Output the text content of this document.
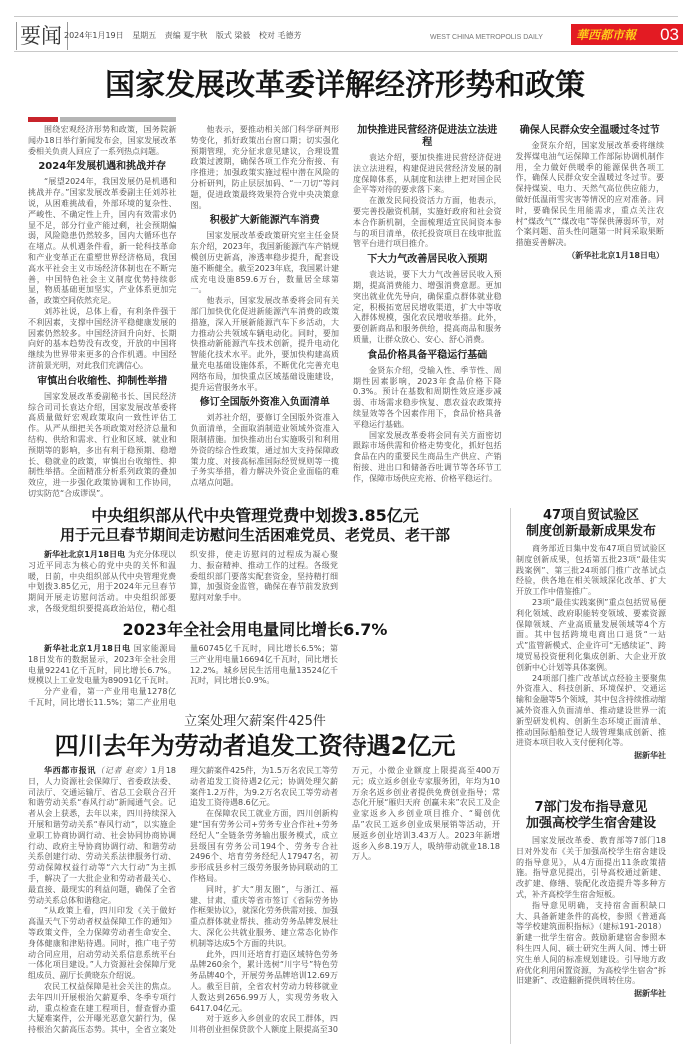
要闻 2024年1月19日 星期五 责编 夏宇秋 版式 梁毅 校对 毛德芳	WEST CHINA METROPOLIS DAILY	華西都市報	03
国家发展改革委详解经济形势和政策

围绕宏观经济形势和政策，国务院新闻办18日举行新闻发布会，国家发展改革委相关负责人回应了一系列热点问题。

2024年发展机遇和挑战并存

“展望2024年，我国发展仍是机遇和挑战并存。”国家发展改革委副主任刘苏社说，从困难挑战看，外部环境的复杂性、严峻性、不确定性上升，国内有效需求仍显不足，部分行业产能过剩，社会预期偏弱，风险隐患仍然较多，国内大循环也存在堵点。从机遇条件看，新一轮科技革命和产业变革正在重塑世界经济格局，我国高水平社会主义市场经济体制也在不断完善，中国特色社会主义制度优势持续彰显，物质基础更加坚实，产业体系更加完备，政策空间依然充足。

刘苏社说，总体上看，有利条件强于不利因素，支撑中国经济平稳健康发展的因素仍然较多。中国经济回升向好、长期向好的基本趋势没有改变，开放的中国将继续为世界带来更多的合作机遇。中国经济前景光明，对此我们充满信心。

审慎出台收缩性、抑制性举措

国家发展改革委副秘书长、国民经济综合司司长袁达介绍，国家发展改革委将高质量做好宏观政策取向一致性评估工作。从严从细把关各项政策对经济总量和结构、供给和需求、行业和区域、就业和预期等的影响，多出有利于稳预期、稳增长、稳就业的政策，审慎出台收缩性、抑制性举措。全面精准分析系列政策的叠加效应，进一步强化政策协调和工作协同，切实防范“合成谬误”。

他表示，要推动相关部门科学研判形势变化，抓好政策出台窗口期；切实强化预期管理，充分征求意见建议，合理设置政策过渡期，确保各项工作充分衔接、有序推进；加强政策实施过程中潜在风险的分析研判，防止层层加码、“一刀切”等问题，促进政策最终效果符合党中央决策意图。

积极扩大新能源汽车消费

国家发展改革委政策研究室主任金贤东介绍，2023年，我国新能源汽车产销规模创历史新高，渗透率稳步提升，配套设施不断健全。截至2023年底，我国累计建成充电设施859.6万台，数量居全球第一。

他表示，国家发展改革委将会同有关部门加快优化促进新能源汽车消费的政策措施，深入开展新能源汽车下乡活动，大力推动公共领域车辆电动化。同时，要加快推动新能源汽车技术创新，提升电动化智能化技术水平。此外，要加快构建高质量充电基础设施体系，不断优化完善充电网络布局，加快重点区域基础设施建设，提升运营服务水平。

修订全国版外资准入负面清单

刘苏社介绍，要修订全国版外资准入负面清单，全面取消制造业领域外资准入限制措施。加快推动出台实施吸引和利用外资的综合性政策，通过加大支持保障政策力度、对接高标准国际经贸规则等一揽子务实举措，着力解决外资企业面临的难点堵点问题。

加快推进民营经济促进法立法进程

袁达介绍，要加快推进民营经济促进法立法进程，构建促进民营经济发展的制度保障体系，从制度和法律上把对国企民企平等对待的要求落下来。

在激发民间投资活力方面，他表示，要完善投融资机制，实施好政府和社会资本合作新机制，全面梳理适宜民间资本参与的项目清单，依托投资项目在线审批监管平台进行项目推介。

下大力气改善居民收入预期

袁达说，要下大力气改善居民收入预期，提高消费能力、增强消费意愿。更加突出就业优先导向，确保重点群体就业稳定，积极拓宽居民增收渠道，扩大中等收入群体规模，强化农民增收举措。此外，要创新商品和服务供给，提高商品和服务质量，让群众放心、安心、舒心消费。

食品价格具备平稳运行基础

金贤东介绍，受输入性、季节性、周期性因素影响，2023年食品价格下降0.3%。预计在基数和周期性效应逐步减弱、市场需求稳步恢复、惠农益农政策持续显效等各个因素作用下，食品价格具备平稳运行基础。

国家发展改革委将会同有关方面密切跟踪市场供需和价格走势变化，抓好包括食品在内的重要民生商品生产供应、产销衔接、进出口和储备吞吐调节等各环节工作，保障市场供应充裕、价格平稳运行。

确保人民群众安全温暖过冬过节

金贤东介绍，国家发展改革委将继续发挥煤电油气运保障工作部际协调机制作用，全力做好供暖季的能源保供各项工作，确保人民群众安全温暖过冬过节。要保持煤炭、电力、天然气高位供应能力，做好低温雨雪灾害等情况的应对准备。同时，要确保民生用能需求，重点关注农村“煤改气”“煤改电”等保供薄弱环节，对个案问题、苗头性问题第一时间采取果断措施妥善解决。

（新华社北京1月18日电）
中央组织部从代中央管理党费中划拨3.85亿元
用于元旦春节期间走访慰问生活困难党员、老党员、老干部

新华社北京1月18日电 为充分体现以习近平同志为核心的党中央的关怀和温暖，日前，中央组织部从代中央管理党费中划拨3.85亿元，用于2024年元旦春节期间开展走访慰问活动。中央组织部要求，各级党组织要提高政治站位，精心组织安排，使走访慰问的过程成为凝心聚力、振奋精神、推动工作的过程。各级党委组织部门要落实配套资金，坚持精打细算，加强资金监管，确保在春节前发放到慰问对象手中。

2023年全社会用电量同比增长6.7%

新华社北京1月18日电 国家能源局18日发布的数据显示，2023年全社会用电量92241亿千瓦时，同比增长6.7%。规模以上工业发电量为89091亿千瓦时。

分产业看，第一产业用电量1278亿千瓦时，同比增长11.5%；第二产业用电量60745亿千瓦时，同比增长6.5%；第三产业用电量16694亿千瓦时，同比增长12.2%。城乡居民生活用电量13524亿千瓦时，同比增长0.9%。

立案处理欠薪案件425件
四川去年为劳动者追发工资待遇2亿元

华西都市报讯（记者 赵奕）1月18日，人力资源社会保障厅、省委政法委、司法厅、交通运输厅、省总工会联合召开和谐劳动关系“春风行动”新闻通气会。记者从会上获悉，去年以来，四川持续深入开展和谐劳动关系“春风行动”，以实施企业职工协商协调行动、社会协同协商协调行动、政府主导协商协调行动、和谐劳动关系创建行动、劳动关系法律服务行动、劳动保障权益行动等“六大行动”为主抓手，解决了一大批企业和劳动者最关心、最直接、最现实的利益问题，确保了全省劳动关系总体和谐稳定。

“从政策上看，四川印发《关于做好高温天气下劳动者权益保障工作的通知》等政策文件，全力保障劳动者生命安全、身体健康和津贴待遇。同时，推广电子劳动合同应用，启动劳动关系信息系统平台一体化项目建设。”人力资源社会保障厅党组成员、副厅长黄晓东介绍说。

农民工权益保障是社会关注的焦点。去年四川开展根治欠薪夏季、冬季专项行动，重点检查在建工程项目，督查督办重大疑难案件，公开曝光恶意欠薪行为，保持根治欠薪高压态势。其中，全省立案处理欠薪案件425件，为1.5万名农民工等劳动者追发工资待遇2亿元；协调处理欠薪案件1.2万件，为9.2万名农民工等劳动者追发工资待遇8.6亿元。

在保障农民工就业方面，四川创新构建“国有劳务公司+劳务专业合作社+劳务经纪人”全链条劳务输出服务模式，成立县级国有劳务公司194个、劳务专合社2496个、培育劳务经纪人17947名，初步形成县乡村三级劳务服务协同联动的工作格局。

同时，扩大“朋友圈”，与浙江、福建、甘肃、重庆等省市签订《省际劳务协作框架协议》，就深化劳务供需对接、加强重点群体就业帮扶、推动劳务品牌发展壮大、深化公共就业服务、建立常态化协作机制等达成5个方面的共识。

此外，四川还培育打造区域特色劳务品牌260余个，累计选树“川字号”特色劳务品牌40个，开展劳务品牌培训12.69万人。截至目前，全省农村劳动力转移就业人数达到2656.99万人，实现劳务收入6417.04亿元。

对于返乡入乡创业的农民工群体，四川将创业担保贷款个人额度上限提高至30万元，小微企业额度上限提高至400万元；成立返乡创业专家服务团，年均为10万余名返乡创业者提供免费创业指导；常态化开展“雁归天府 创赢未来”农民工及企业家返乡入乡创业项目推介、“蜀创优品”农民工返乡创业成果展销等活动，开展返乡创业培训3.43万人。2023年新增返乡入乡8.19万人，吸纳带动就业18.18万人。

47项自贸试验区
制度创新最新成果发布

商务部近日集中发布47项自贸试验区制度创新成果，包括第五批23项“最佳实践案例”、第三批24项部门推广改革试点经验，供各地在相关领域深化改革、扩大开放工作中借鉴推广。

23项“最佳实践案例”重点包括贸易便利化领域、政府职能转变领域、要素资源保障领域、产业高质量发展领域等4个方面。其中包括跨境电商出口退货“一站式”监管新模式、企业许可“无感续证”、跨境贸易投资便利化集成创新、大企业开放创新中心计划等具体案例。

24项部门推广改革试点经验主要聚焦外资准入、科技创新、环境保护、交通运输和金融等5个领域，其中包含持续推动缩减外资准入负面清单、推动建设世界一流新型研发机构、创新生态环境正面清单、推动国际船舶登记人级管理集成创新、推进资本项目收入支付便利化等。

据新华社
7部门发布指导意见
加强高校学生宿舍建设

国家发展改革委、教育部等7部门18日对外发布《关于加强高校学生宿舍建设的指导意见》，从4方面提出11条政策措施。指导意见提出，引导高校通过新建、改扩建、修缮、装配化改造提升等多种方式，补齐高校学生宿舍短板。

指导意见明确，支持宿舍面积缺口大、具备新建条件的高校，参照《普通高等学校建筑面积指标》（建标191-2018）新建一批学生宿舍。鼓励新建宿舍参照本科生四人间、硕士研究生两人间、博士研究生单人间的标准规划建设。引导地方政府优化利用闲置资源，为高校学生宿舍“拆旧建新”、改造翻新提供周转住房。

据新华社
